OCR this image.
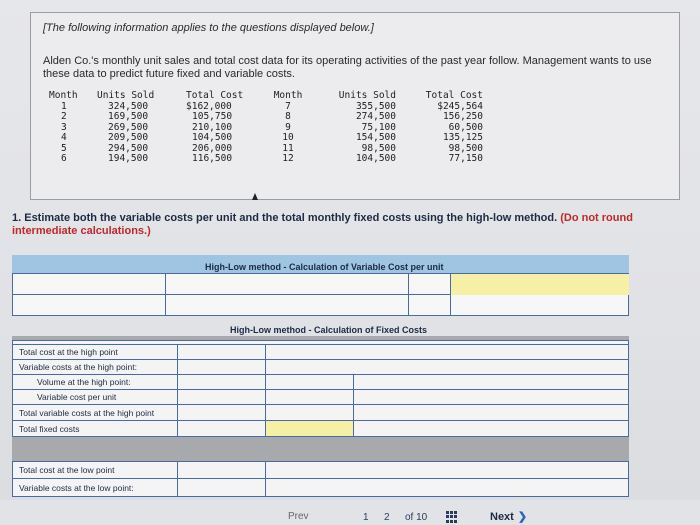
[The following information applies to the questions displayed below.]
Alden Co.'s monthly unit sales and total cost data for its operating activities of the past year follow. Management wants to use these data to predict future fixed and variable costs.
Month
1
2
3
4
5
6
Units Sold
324,500
169,500
269,500
209,500
294,500
194,500
Total Cost
$162,000
105,750
210,100
104,500
206,000
116,500
Month
7
8
9
10
11
12
Units Sold
355,500
274,500
75,100
154,500
98,500
104,500
Total Cost
$245,564
156,250
60,500
135,125
98,500
77,150
1. Estimate both the variable costs per unit and the total monthly fixed costs using the high-low method. (Do not round intermediate calculations.)
High-Low method - Calculation of Variable Cost per unit
High-Low method - Calculation of Fixed Costs
Total cost at the high point
Variable costs at the high point:
Volume at the high point:
Variable cost per unit
Total variable costs at the high point
Total fixed costs
Total cost at the low point
Variable costs at the low point:
Prev	1 2 of 10	Next ❯
